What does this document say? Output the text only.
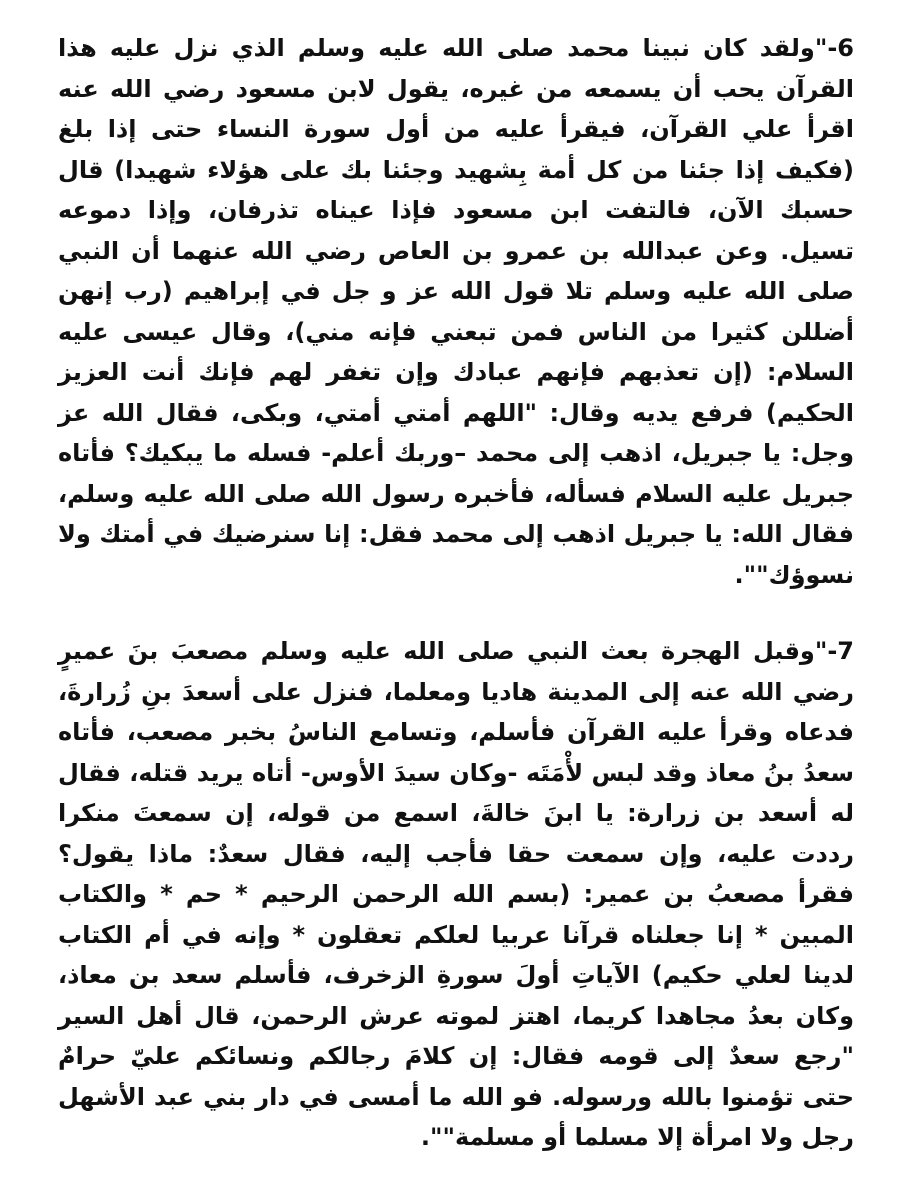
6-"ولقد كان نبينا محمد صلى الله عليه وسلم الذي نزل عليه هذا القرآن يحب أن يسمعه من غيره، يقول لابن مسعود رضي الله عنه اقرأ علي القرآن، فيقرأ عليه من أول سورة النساء حتى إذا بلغ (فكيف إذا جئنا من كل أمة بِشهيد وجئنا بك على هؤلاء شهيدا) قال حسبك الآن، فالتفت ابن مسعود فإذا عيناه تذرفان، وإذا دموعه تسيل. وعن عبدالله بن عمرو بن العاص رضي الله عنهما أن النبي صلى الله عليه وسلم تلا قول الله عز و جل في إبراهيم (رب إنهن أضللن كثيرا من الناس فمن تبعني فإنه مني)، وقال عيسى عليه السلام: (إن تعذبهم فإنهم عبادك وإن تغفر لهم فإنك أنت العزيز الحكيم) فرفع يديه وقال: "اللهم أمتي أمتي، وبكى، فقال الله عز وجل: يا جبريل، اذهب إلى محمد –وربك أعلم- فسله ما يبكيك؟ فأتاه جبريل عليه السلام فسأله، فأخبره رسول الله صلى الله عليه وسلم، فقال الله: يا جبريل اذهب إلى محمد فقل: إنا سنرضيك في أمتك ولا نسوؤك"".

7-"وقبل الهجرة بعث النبي صلى الله عليه وسلم مصعبَ بنَ عميرٍ رضي الله عنه إلى المدينة هاديا ومعلما، فنزل على أسعدَ بنِ زُرارةَ، فدعاه وقرأ عليه القرآن فأسلم، وتسامع الناسُ بخبر مصعب، فأتاه سعدُ بنُ معاذ وقد لبس لأْمَتَه -وكان سيدَ الأوس- أتاه يريد قتله، فقال له أسعد بن زرارة: يا ابنَ خالةَ، اسمع من قوله، إن سمعتَ منكرا رددت عليه، وإن سمعت حقا فأجب إليه، فقال سعدٌ: ماذا يقول؟ فقرأ مصعبُ بن عمير: (بسم الله الرحمن الرحيم * حم * والكتاب المبين * إنا جعلناه قرآنا عربيا لعلكم تعقلون * وإنه في أم الكتاب لدينا لعلي حكيم) الآياتِ أولَ سورةِ الزخرف، فأسلم سعد بن معاذ، وكان بعدُ مجاهدا كريما، اهتز لموته عرش الرحمن، قال أهل السير "رجع سعدٌ إلى قومه فقال: إن كلامَ رجالكم ونسائكم عليّ حرامٌ حتى تؤمنوا بالله ورسوله. فو الله ما أمسى في دار بني عبد الأشهل رجل ولا امرأة إلا مسلما أو مسلمة"".
